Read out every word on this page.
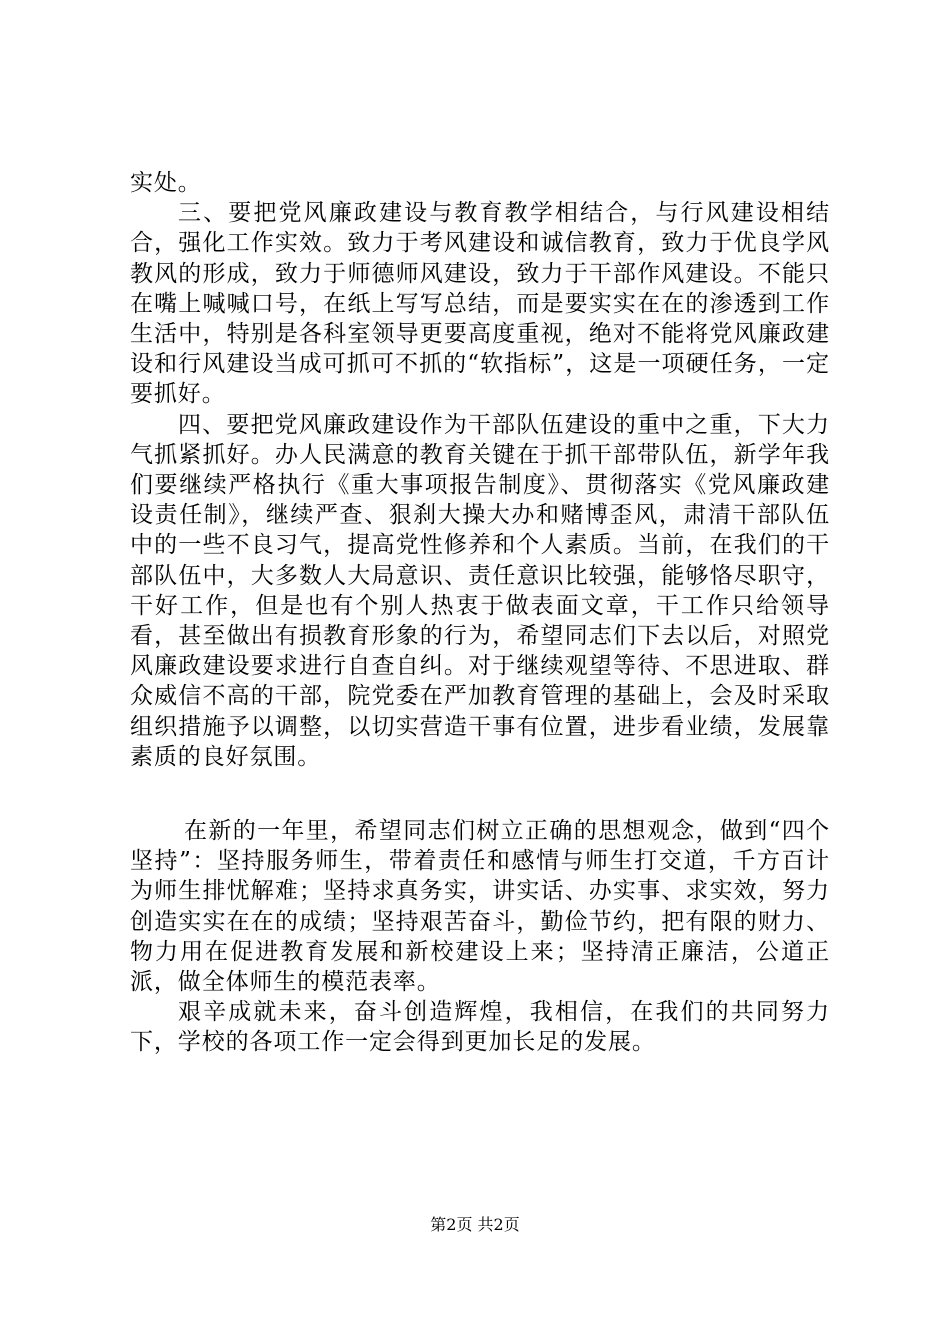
实处。

三、要把党风廉政建设与教育教学相结合，与行风建设相结合，强化工作实效。致力于考风建设和诚信教育，致力于优良学风教风的形成，致力于师德师风建设，致力于干部作风建设。不能只在嘴上喊喊口号，在纸上写写总结，而是要实实在在的渗透到工作生活中，特别是各科室领导更要高度重视，绝对不能将党风廉政建设和行风建设当成可抓可不抓的“软指标”，这是一项硬任务，一定要抓好。

四、要把党风廉政建设作为干部队伍建设的重中之重，下大力气抓紧抓好。办人民满意的教育关键在于抓干部带队伍，新学年我们要继续严格执行《重大事项报告制度》、贯彻落实《党风廉政建设责任制》，继续严查、狠刹大操大办和赌博歪风，肃清干部队伍中的一些不良习气，提高党性修养和个人素质。当前，在我们的干部队伍中，大多数人大局意识、责任意识比较强，能够恪尽职守，干好工作，但是也有个别人热衷于做表面文章，干工作只给领导看，甚至做出有损教育形象的行为，希望同志们下去以后，对照党风廉政建设要求进行自查自纠。对于继续观望等待、不思进取、群众威信不高的干部，院党委在严加教育管理的基础上，会及时采取组织措施予以调整，以切实营造干事有位置，进步看业绩，发展靠素质的良好氛围。

在新的一年里，希望同志们树立正确的思想观念，做到“四个坚持”：坚持服务师生，带着责任和感情与师生打交道，千方百计为师生排忧解难；坚持求真务实，讲实话、办实事、求实效，努力创造实实在在的成绩；坚持艰苦奋斗，勤俭节约，把有限的财力、物力用在促进教育发展和新校建设上来；坚持清正廉洁，公道正派，做全体师生的模范表率。

艰辛成就未来，奋斗创造辉煌，我相信，在我们的共同努力下，学校的各项工作一定会得到更加长足的发展。

第2页 共2页
